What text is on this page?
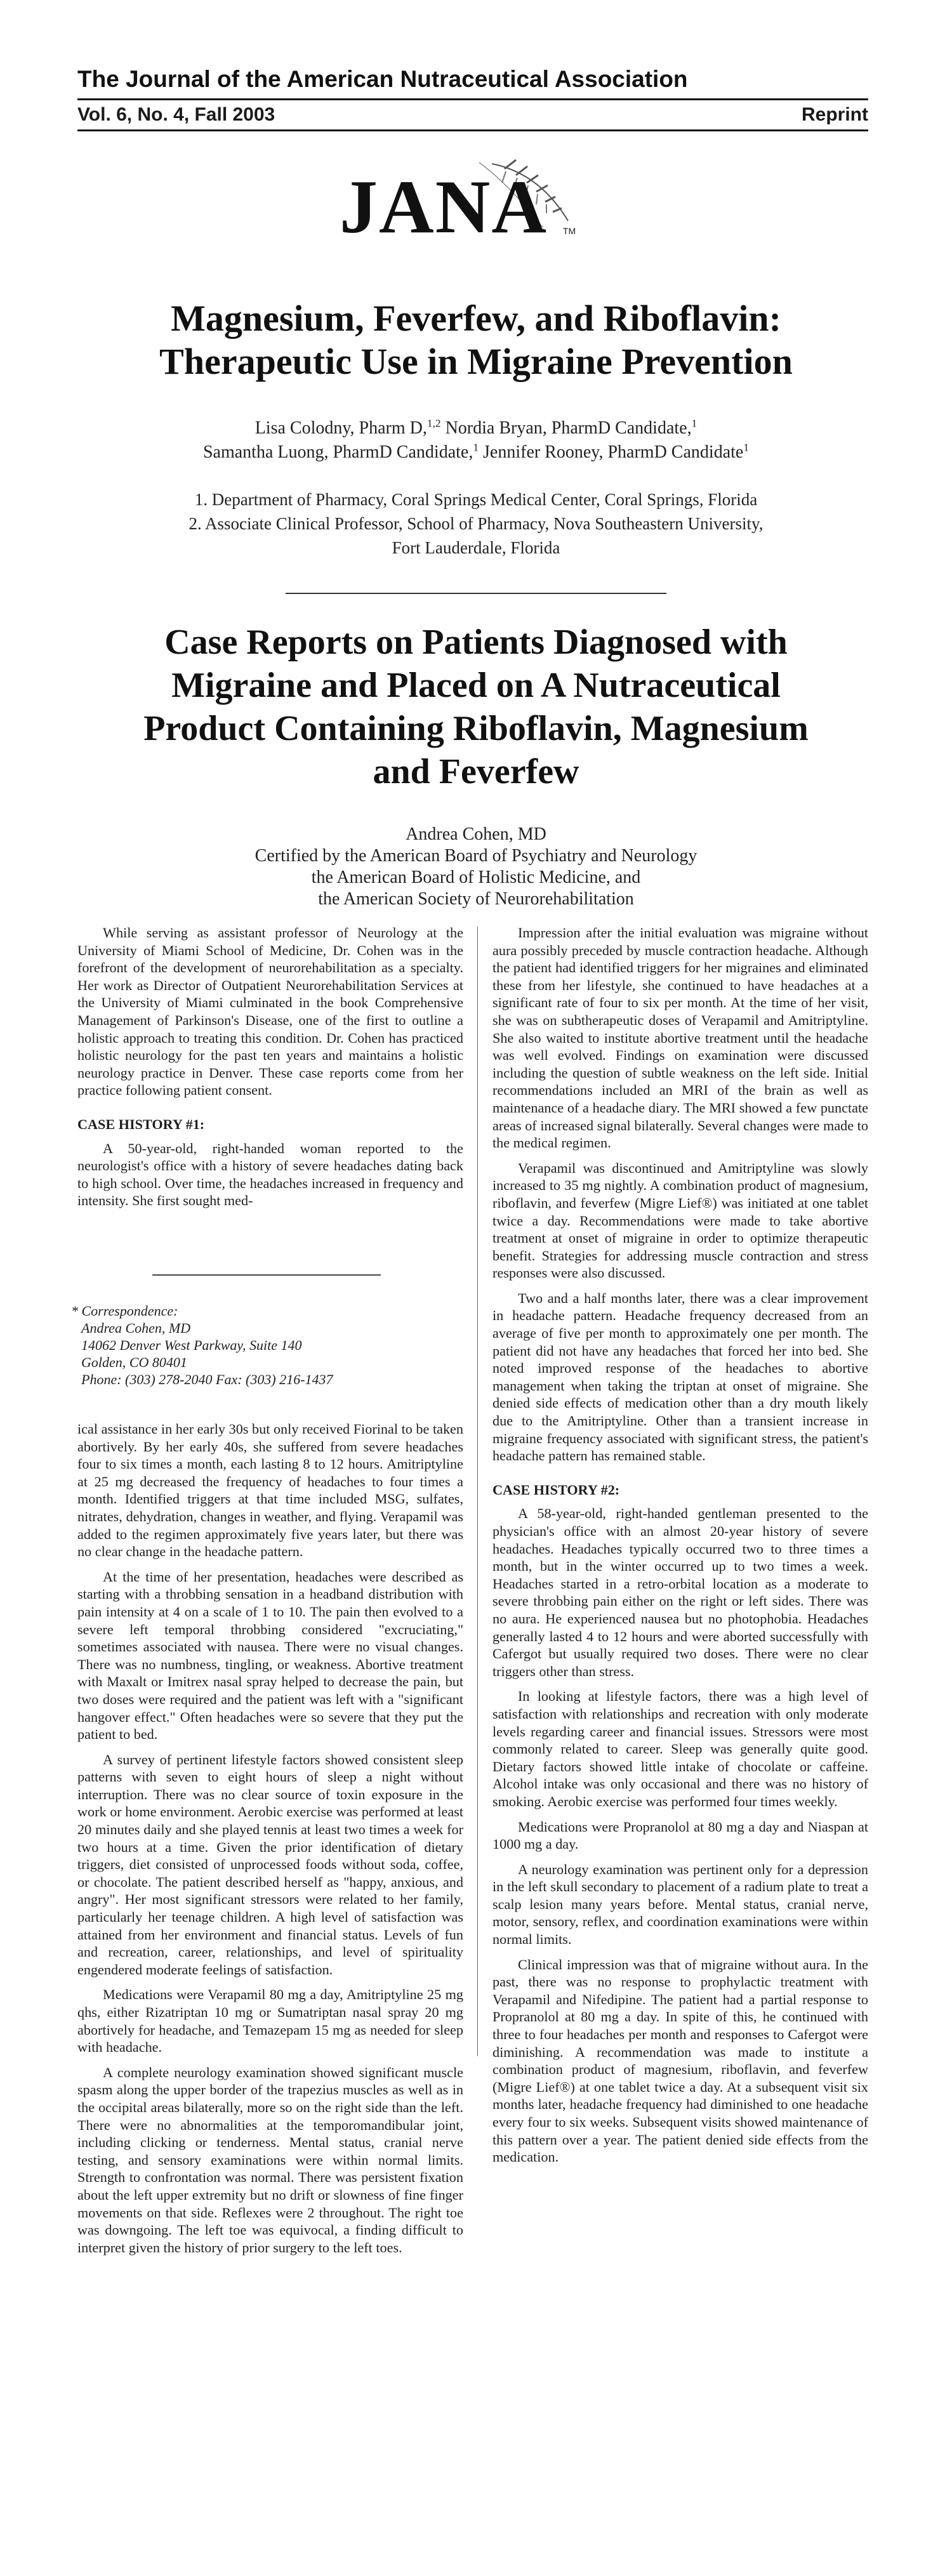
The Journal of the American Nutraceutical Association
Vol. 6, No. 4, Fall 2003	Reprint
JANA TM
Magnesium, Feverfew, and Riboflavin:
Therapeutic Use in Migraine Prevention
Lisa Colodny, Pharm D,$^{1,2}$ Nordia Bryan, PharmD Candidate,$^1$
Samantha Luong, PharmD Candidate,$^1$ Jennifer Rooney, PharmD Candidate$^1$
1. Department of Pharmacy, Coral Springs Medical Center, Coral Springs, Florida
2. Associate Clinical Professor, School of Pharmacy, Nova Southeastern University,
Fort Lauderdale, Florida
Case Reports on Patients Diagnosed with
Migraine and Placed on A Nutraceutical
Product Containing Riboflavin, Magnesium
and Feverfew
Andrea Cohen, MD
Certified by the American Board of Psychiatry and Neurology
the American Board of Holistic Medicine, and
the American Society of Neurorehabilitation

While serving as assistant professor of Neurology at the University of Miami School of Medicine, Dr. Cohen was in the forefront of the development of neurorehabilitation as a specialty. Her work as Director of Outpatient Neurorehabilitation Services at the University of Miami culminated in the book Comprehensive Management of Parkinson's Disease, one of the first to outline a holistic approach to treating this condition. Dr. Cohen has practiced holistic neurology for the past ten years and maintains a holistic neurology practice in Denver. These case reports come from her practice following patient consent.

CASE HISTORY #1:

A 50-year-old, right-handed woman reported to the neurologist's office with a history of severe headaches dating back to high school. Over time, the headaches increased in frequency and intensity. She first sought med-

* Correspondence:
Andrea Cohen, MD
14062 Denver West Parkway, Suite 140
Golden, CO 80401
Phone: (303) 278-2040 Fax: (303) 216-1437

ical assistance in her early 30s but only received Fiorinal to be taken abortively. By her early 40s, she suffered from severe headaches four to six times a month, each lasting 8 to 12 hours. Amitriptyline at 25 mg decreased the frequency of headaches to four times a month. Identified triggers at that time included MSG, sulfates, nitrates, dehydration, changes in weather, and flying. Verapamil was added to the regimen approximately five years later, but there was no clear change in the headache pattern.

At the time of her presentation, headaches were described as starting with a throbbing sensation in a headband distribution with pain intensity at 4 on a scale of 1 to 10. The pain then evolved to a severe left temporal throbbing considered "excruciating," sometimes associated with nausea. There were no visual changes. There was no numbness, tingling, or weakness. Abortive treatment with Maxalt or Imitrex nasal spray helped to decrease the pain, but two doses were required and the patient was left with a "significant hangover effect." Often headaches were so severe that they put the patient to bed.

A survey of pertinent lifestyle factors showed consistent sleep patterns with seven to eight hours of sleep a night without interruption. There was no clear source of toxin exposure in the work or home environment. Aerobic exercise was performed at least 20 minutes daily and she played tennis at least two times a week for two hours at a time. Given the prior identification of dietary triggers, diet consisted of unprocessed foods without soda, coffee, or chocolate. The patient described herself as "happy, anxious, and angry". Her most significant stressors were related to her family, particularly her teenage children. A high level of satisfaction was attained from her environment and financial status. Levels of fun and recreation, career, relationships, and level of spirituality engendered moderate feelings of satisfaction.

Medications were Verapamil 80 mg a day, Amitriptyline 25 mg qhs, either Rizatriptan 10 mg or Sumatriptan nasal spray 20 mg abortively for headache, and Temazepam 15 mg as needed for sleep with headache.

A complete neurology examination showed significant muscle spasm along the upper border of the trapezius muscles as well as in the occipital areas bilaterally, more so on the right side than the left. There were no abnormalities at the temporomandibular joint, including clicking or tenderness. Mental status, cranial nerve testing, and sensory examinations were within normal limits. Strength to confrontation was normal. There was persistent fixation about the left upper extremity but no drift or slowness of fine finger movements on that side. Reflexes were 2 throughout. The right toe was downgoing. The left toe was equivocal, a finding difficult to interpret given the history of prior surgery to the left toes.

Impression after the initial evaluation was migraine without aura possibly preceded by muscle contraction headache. Although the patient had identified triggers for her migraines and eliminated these from her lifestyle, she continued to have headaches at a significant rate of four to six per month. At the time of her visit, she was on subtherapeutic doses of Verapamil and Amitriptyline. She also waited to institute abortive treatment until the headache was well evolved. Findings on examination were discussed including the question of subtle weakness on the left side. Initial recommendations included an MRI of the brain as well as maintenance of a headache diary. The MRI showed a few punctate areas of increased signal bilaterally. Several changes were made to the medical regimen.

Verapamil was discontinued and Amitriptyline was slowly increased to 35 mg nightly. A combination product of magnesium, riboflavin, and feverfew (Migre Lief®) was initiated at one tablet twice a day. Recommendations were made to take abortive treatment at onset of migraine in order to optimize therapeutic benefit. Strategies for addressing muscle contraction and stress responses were also discussed.

Two and a half months later, there was a clear improvement in headache pattern. Headache frequency decreased from an average of five per month to approximately one per month. The patient did not have any headaches that forced her into bed. She noted improved response of the headaches to abortive management when taking the triptan at onset of migraine. She denied side effects of medication other than a dry mouth likely due to the Amitriptyline. Other than a transient increase in migraine frequency associated with significant stress, the patient's headache pattern has remained stable.

CASE HISTORY #2:

A 58-year-old, right-handed gentleman presented to the physician's office with an almost 20-year history of severe headaches. Headaches typically occurred two to three times a month, but in the winter occurred up to two times a week. Headaches started in a retro-orbital location as a moderate to severe throbbing pain either on the right or left sides. There was no aura. He experienced nausea but no photophobia. Headaches generally lasted 4 to 12 hours and were aborted successfully with Cafergot but usually required two doses. There were no clear triggers other than stress.

In looking at lifestyle factors, there was a high level of satisfaction with relationships and recreation with only moderate levels regarding career and financial issues. Stressors were most commonly related to career. Sleep was generally quite good. Dietary factors showed little intake of chocolate or caffeine. Alcohol intake was only occasional and there was no history of smoking. Aerobic exercise was performed four times weekly.

Medications were Propranolol at 80 mg a day and Niaspan at 1000 mg a day.

A neurology examination was pertinent only for a depression in the left skull secondary to placement of a radium plate to treat a scalp lesion many years before. Mental status, cranial nerve, motor, sensory, reflex, and coordination examinations were within normal limits.

Clinical impression was that of migraine without aura. In the past, there was no response to prophylactic treatment with Verapamil and Nifedipine. The patient had a partial response to Propranolol at 80 mg a day. In spite of this, he continued with three to four headaches per month and responses to Cafergot were diminishing. A recommendation was made to institute a combination product of magnesium, riboflavin, and feverfew (Migre Lief®) at one tablet twice a day. At a subsequent visit six months later, headache frequency had diminished to one headache every four to six weeks. Subsequent visits showed maintenance of this pattern over a year. The patient denied side effects from the medication.
